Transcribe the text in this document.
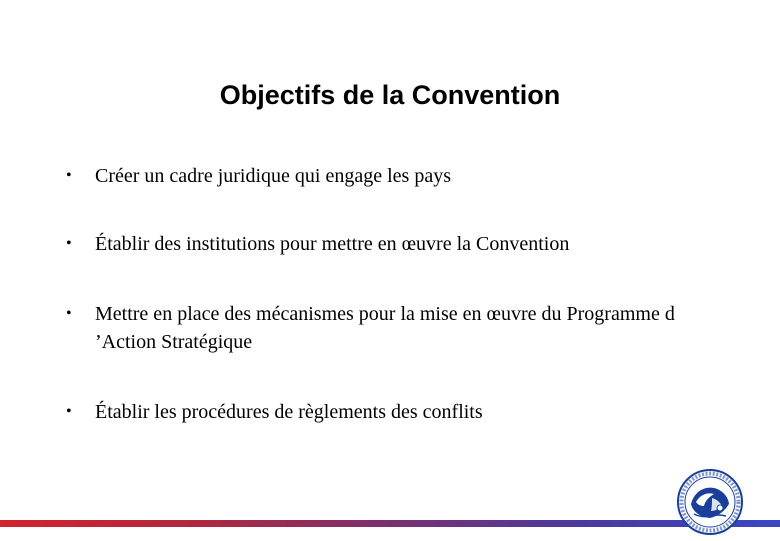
Objectifs de la Convention
• Créer un cadre juridique qui engage les pays
• Établir des institutions pour mettre en œuvre la Convention
• Mettre en place des mécanismes pour la mise en œuvre du Programme d ’Action Stratégique
• Établir les procédures de règlements des conflits
